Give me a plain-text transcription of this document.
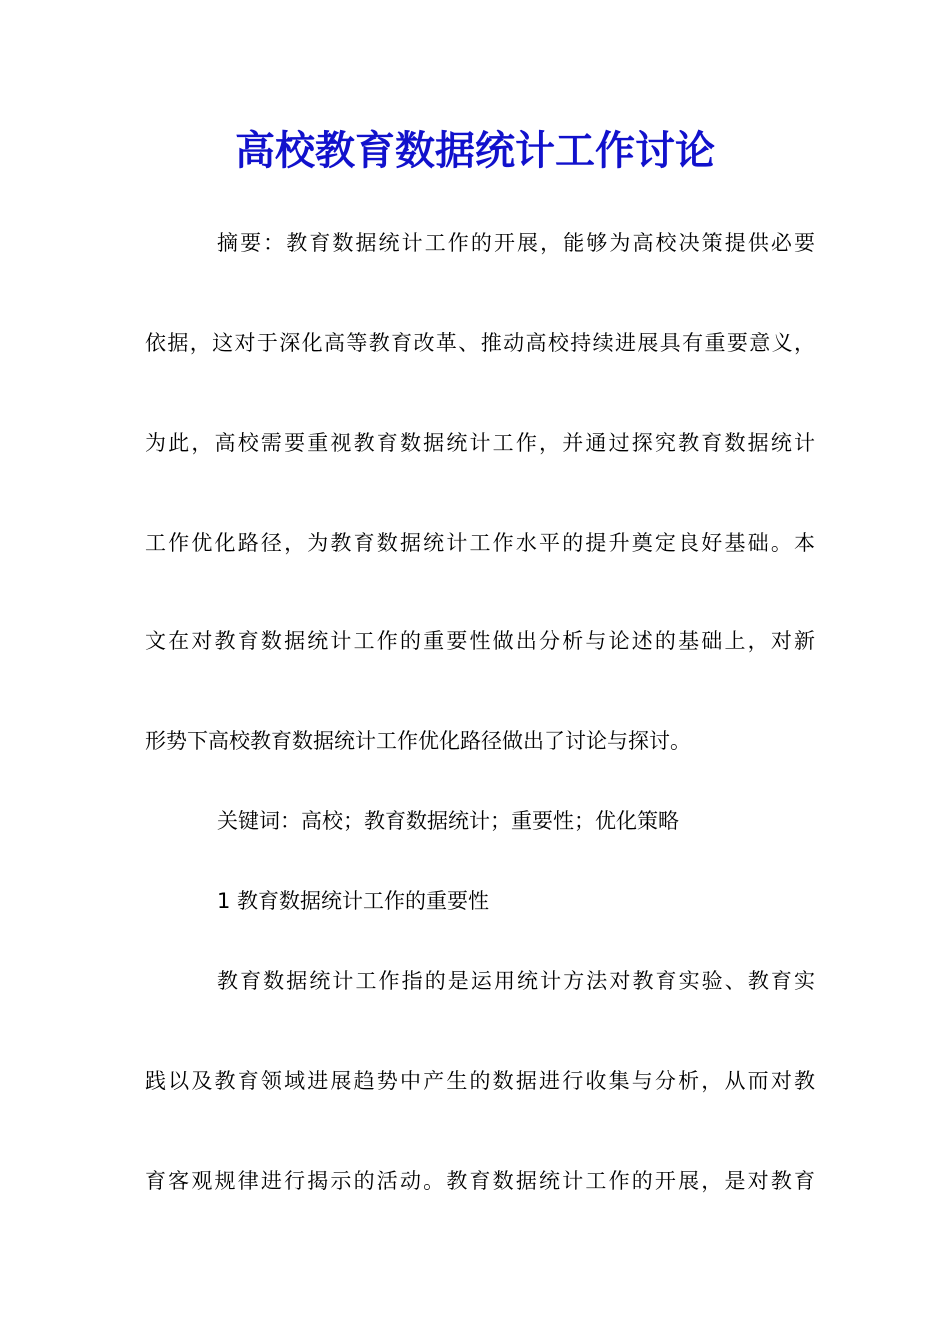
高校教育数据统计工作讨论

摘要：教育数据统计工作的开展，能够为高校决策提供必要

依据，这对于深化高等教育改革、推动高校持续进展具有重要意义，

为此，高校需要重视教育数据统计工作，并通过探究教育数据统计

工作优化路径，为教育数据统计工作水平的提升奠定良好基础。本

文在对教育数据统计工作的重要性做出分析与论述的基础上，对新

形势下高校教育数据统计工作优化路径做出了讨论与探讨。

关键词：高校；教育数据统计；重要性；优化策略

1 教育数据统计工作的重要性

教育数据统计工作指的是运用统计方法对教育实验、教育实

践以及教育领域进展趋势中产生的数据进行收集与分析，从而对教

育客观规律进行揭示的活动。教育数据统计工作的开展，是对教育
